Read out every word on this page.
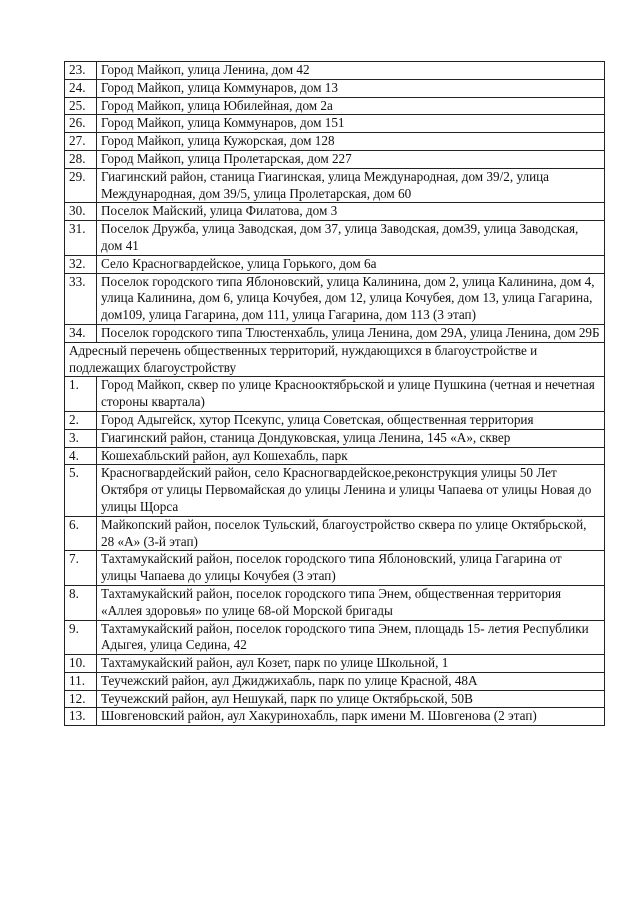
23.	Город Майкоп, улица Ленина, дом 42
24.	Город Майкоп, улица Коммунаров, дом 13
25.	Город Майкоп, улица Юбилейная, дом 2а
26.	Город Майкоп, улица Коммунаров, дом 151
27.	Город Майкоп, улица Кужорская, дом 128
28.	Город Майкоп, улица Пролетарская, дом 227
29.	Гиагинский район, станица Гиагинская, улица Международная, дом 39/2, улица Международная, дом 39/5, улица Пролетарская, дом 60
30.	Поселок Майский, улица Филатова, дом 3
31.	Поселок Дружба, улица Заводская, дом 37, улица Заводская, дом39, улица Заводская, дом 41
32.	Село Красногвардейское, улица Горького, дом 6а
33.	Поселок городского типа Яблоновский, улица Калинина, дом 2, улица Калинина, дом 4, улица Калинина, дом 6, улица Кочубея, дом 12, улица Кочубея, дом 13, улица Гагарина, дом109, улица Гагарина, дом 111, улица Гагарина, дом 113 (3 этап)
34.	Поселок городского типа Тлюстенхабль, улица Ленина, дом 29А, улица Ленина, дом 29Б
Адресный перечень общественных территорий, нуждающихся в благоустройстве и подлежащих благоустройству	
1.	Город Майкоп, сквер по улице Краснооктябрьской и улице Пушкина (четная и нечетная стороны квартала)
2.	Город Адыгейск, хутор Псекупс, улица Советская, общественная территория
3.	Гиагинский район, станица Дондуковская, улица Ленина, 145 «А», сквер
4.	Кошехабльский район, аул Кошехабль, парк
5.	Красногвардейский район, село Красногвардейское,реконструкция улицы 50 Лет Октября от улицы Первомайская до улицы Ленина и улицы Чапаева от улицы Новая до улицы Щорса
6.	Майкопский район, поселок Тульский, благоустройство сквера по улице Октябрьской, 28 «А» (3-й этап)
7.	Тахтамукайский район, поселок городского типа Яблоновский, улица Гагарина от улицы Чапаева до улицы Кочубея (3 этап)
8.	Тахтамукайский район, поселок городского типа Энем, общественная территория «Аллея здоровья» по улице 68-ой Морской бригады
9.	Тахтамукайский район, поселок городского типа Энем, площадь 15- летия Республики Адыгея, улица Седина, 42
10.	Тахтамукайский район, аул Козет, парк по улице Школьной, 1
11.	Теучежский район, аул Джиджихабль, парк по улице Красной, 48А
12.	Теучежский район, аул Нешукай, парк по улице Октябрьской, 50В
13.	Шовгеновский район, аул Хакуринохабль, парк имени М. Шовгенова (2 этап)
